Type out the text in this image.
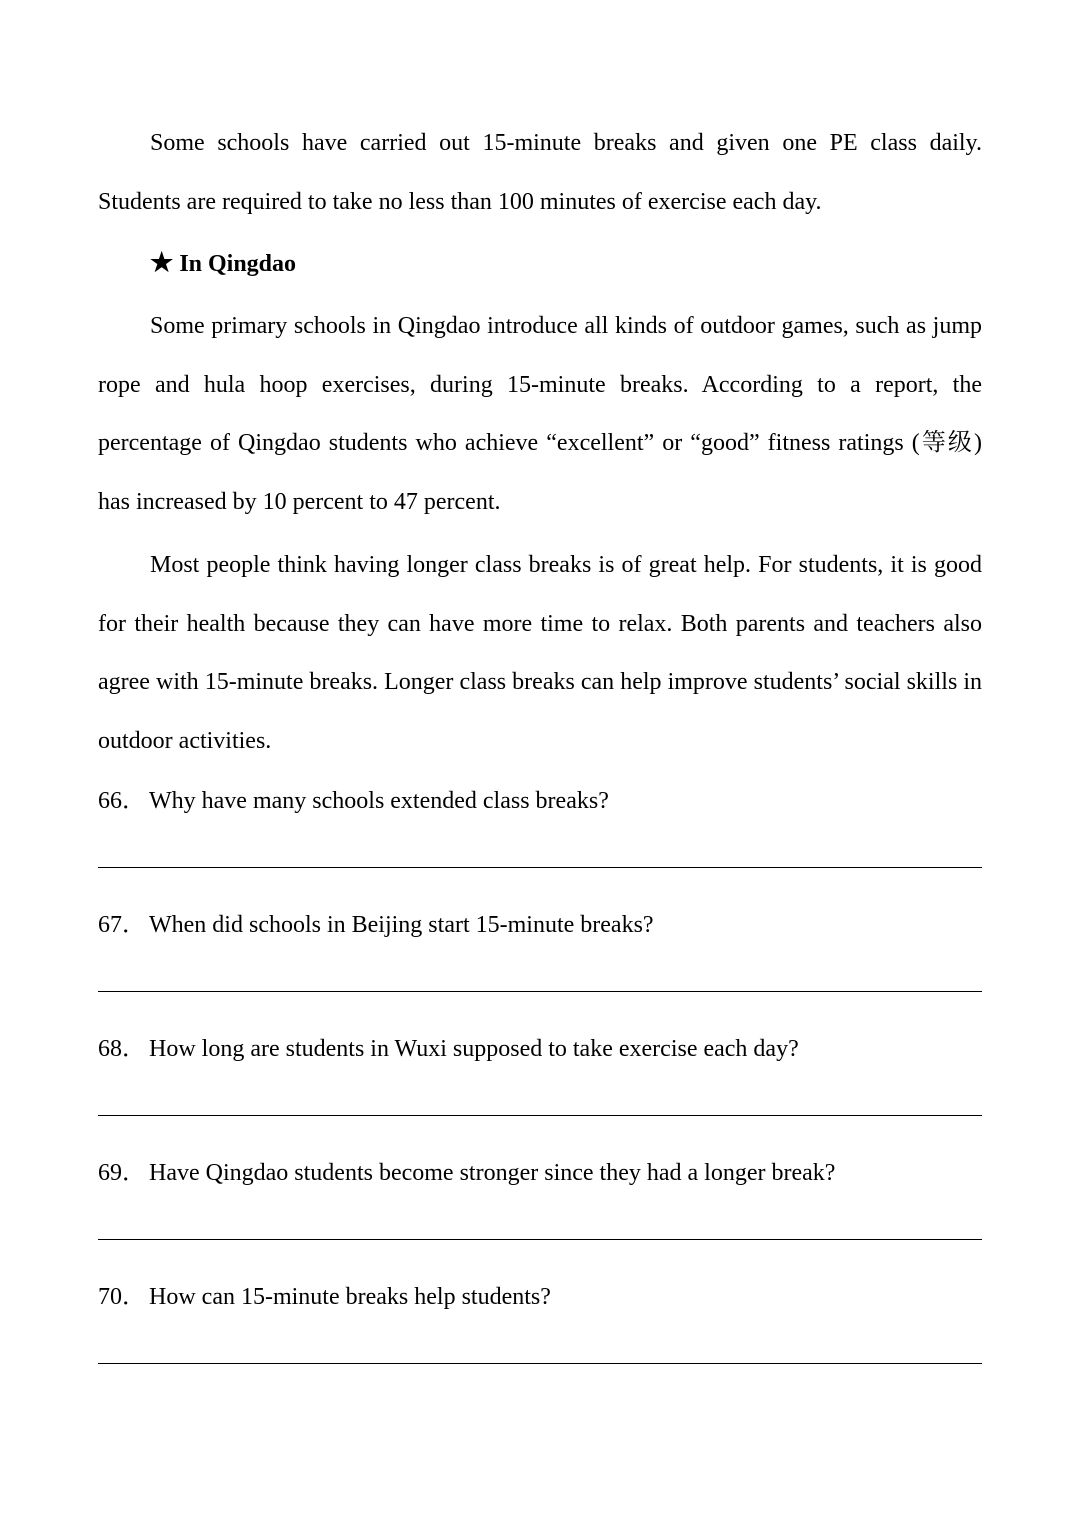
Some schools have carried out 15-minute breaks and given one PE class daily. Students are required to take no less than 100 minutes of exercise each day.

★ In Qingdao

Some primary schools in Qingdao introduce all kinds of outdoor games, such as jump rope and hula hoop exercises, during 15-minute breaks. According to a report, the percentage of Qingdao students who achieve “excellent” or “good” fitness ratings (等级) has increased by 10 percent to 47 percent.

Most people think having longer class breaks is of great help. For students, it is good for their health because they can have more time to relax. Both parents and teachers also agree with 15-minute breaks. Longer class breaks can help improve students’ social skills in outdoor activities.

66． Why have many schools extended class breaks?
67． When did schools in Beijing start 15-minute breaks?
68． How long are students in Wuxi supposed to take exercise each day?
69． Have Qingdao students become stronger since they had a longer break?
70． How can 15-minute breaks help students?
